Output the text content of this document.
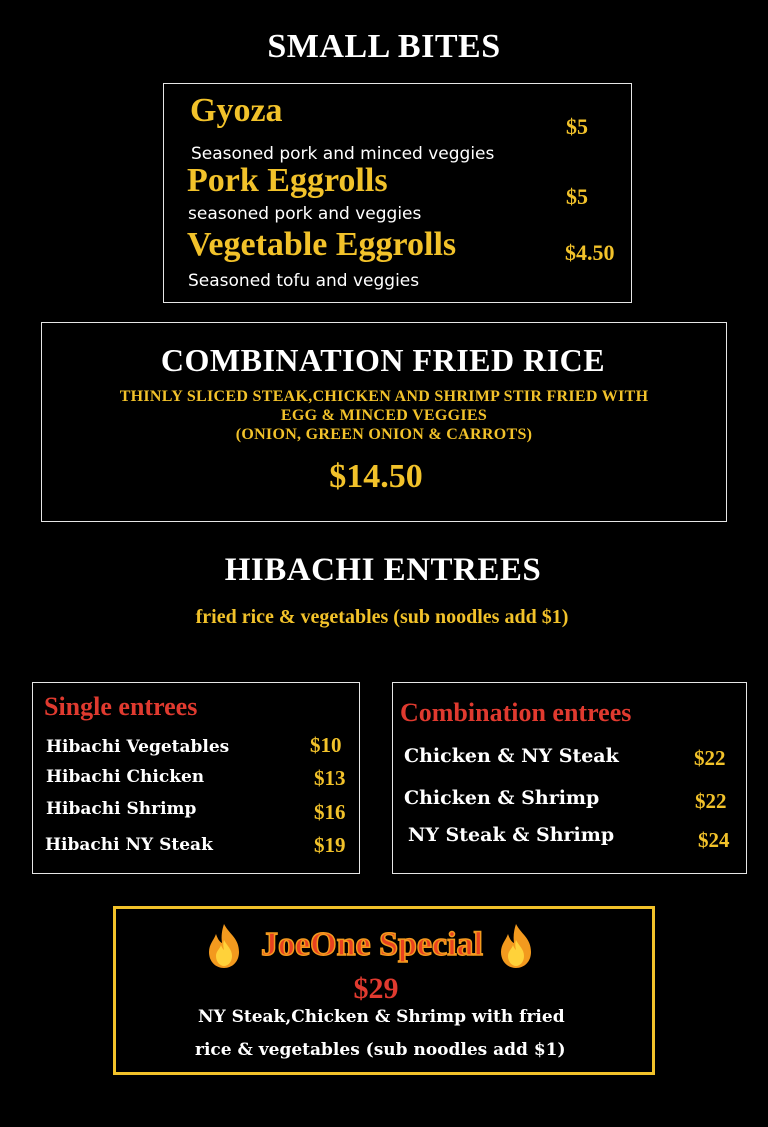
SMALL BITES
Gyoza	$5
Seasoned pork and minced veggies
Pork Eggrolls	$5
seasoned pork and veggies
Vegetable Eggrolls	$4.50
Seasoned tofu and veggies
COMBINATION FRIED RICE
THINLY SLICED STEAK,CHICKEN AND SHRIMP STIR FRIED WITH
EGG & MINCED VEGGIES
(ONION, GREEN ONION & CARROTS)
$14.50
HIBACHI ENTREES
fried rice & vegetables (sub noodles add $1)
Single entrees
Hibachi Vegetables	$10
Hibachi Chicken	$13
Hibachi Shrimp	$16
Hibachi NY Steak	$19
Combination entrees
Chicken & NY Steak	$22
Chicken & Shrimp	$22
NY Steak & Shrimp	$24
JoeOne Special
$29
NY Steak,Chicken & Shrimp with fried
rice & vegetables (sub noodles add $1)
